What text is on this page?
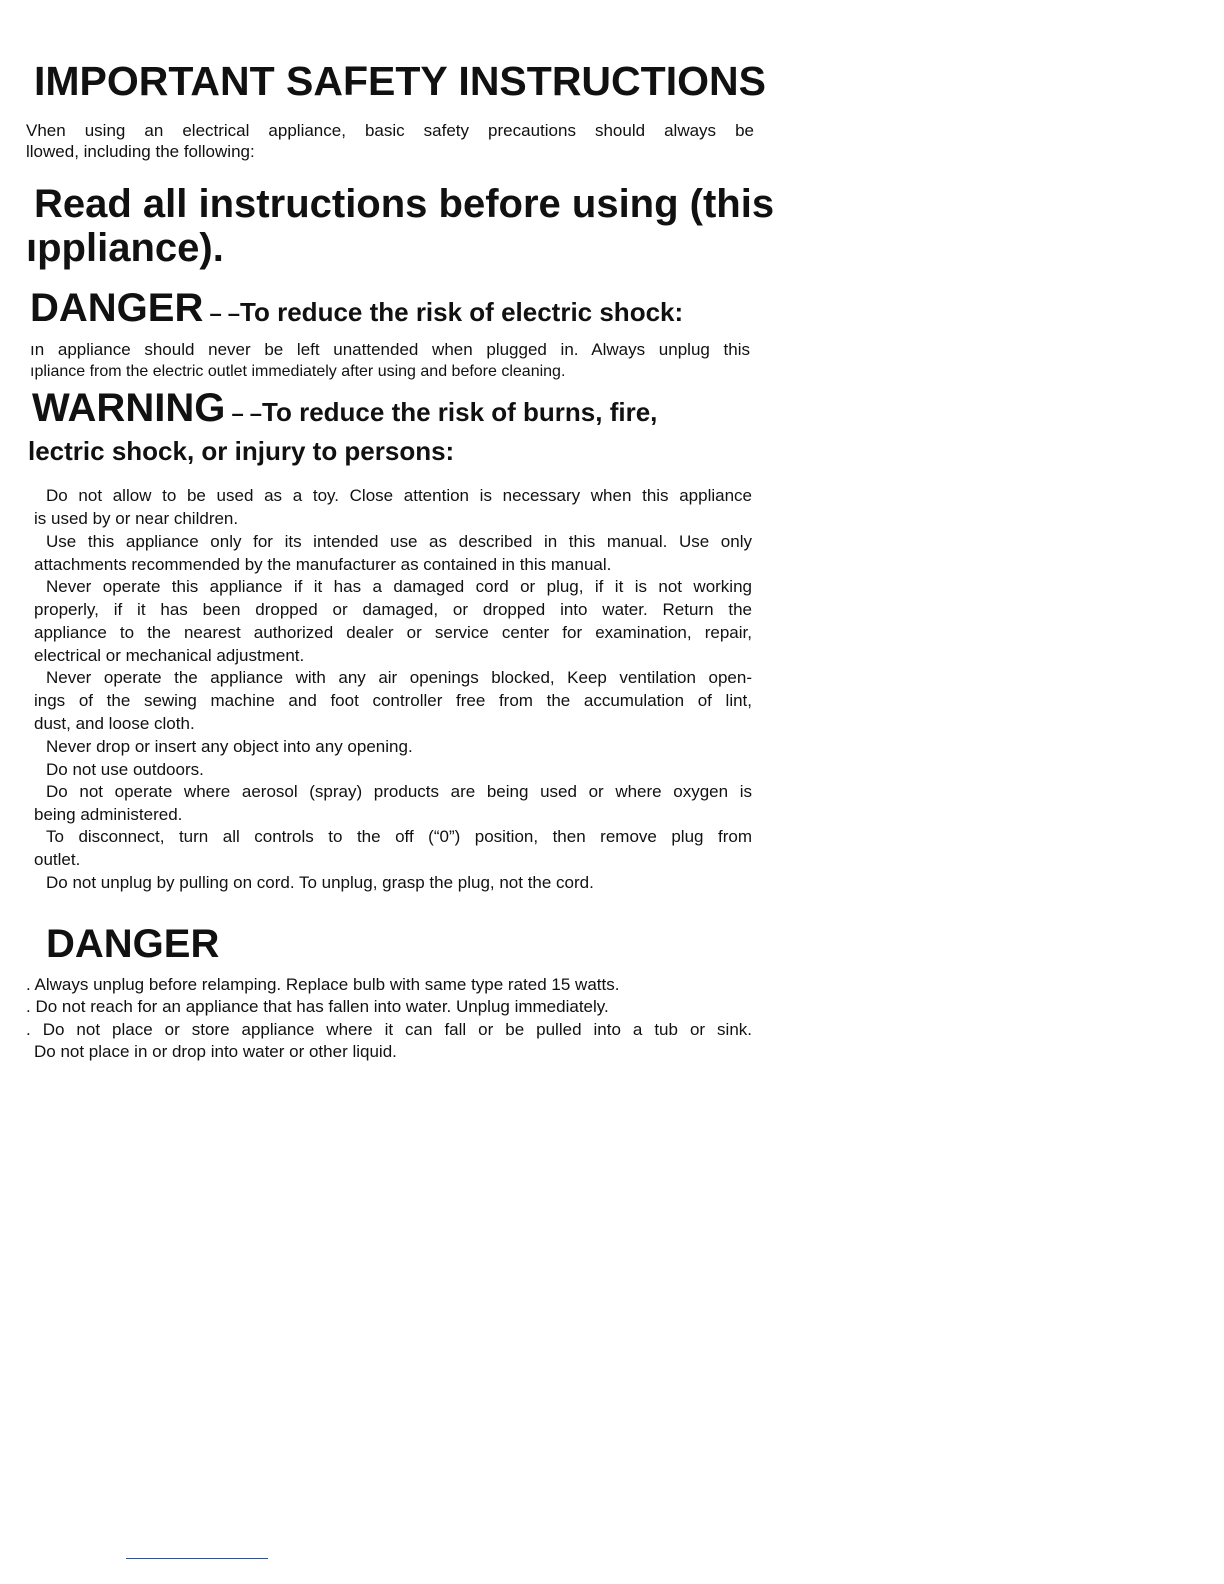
IMPORTANT SAFETY INSTRUCTIONS
Vhen using an electrical appliance, basic safety precautions should always be
llowed, including the following:
Read all instructions before using (this
ıppliance).
DANGER – –To reduce the risk of electric shock:
ın appliance should never be left unattended when plugged in. Always unplug this
ıpliance from the electric outlet immediately after using and before cleaning.
WARNING – –To reduce the risk of burns, fire,
lectric shock, or injury to persons:
Do not allow to be used as a toy. Close attention is necessary when this appliance
is used by or near children.
Use this appliance only for its intended use as described in this manual. Use only
attachments recommended by the manufacturer as contained in this manual.
Never operate this appliance if it has a damaged cord or plug, if it is not working
properly, if it has been dropped or damaged, or dropped into water. Return the
appliance to the nearest authorized dealer or service center for examination, repair,
electrical or mechanical adjustment.
Never operate the appliance with any air openings blocked, Keep ventilation open-
ings of the sewing machine and foot controller free from the accumulation of lint,
dust, and loose cloth.
Never drop or insert any object into any opening.
Do not use outdoors.
Do not operate where aerosol (spray) products are being used or where oxygen is
being administered.
To disconnect, turn all controls to the off (“0”) position, then remove plug from
outlet.
Do not unplug by pulling on cord. To unplug, grasp the plug, not the cord.
DANGER
. Always unplug before relamping. Replace bulb with same type rated 15 watts.
. Do not reach for an appliance that has fallen into water. Unplug immediately.
. Do not place or store appliance where it can fall or be pulled into a tub or sink.
Do not place in or drop into water or other liquid.
